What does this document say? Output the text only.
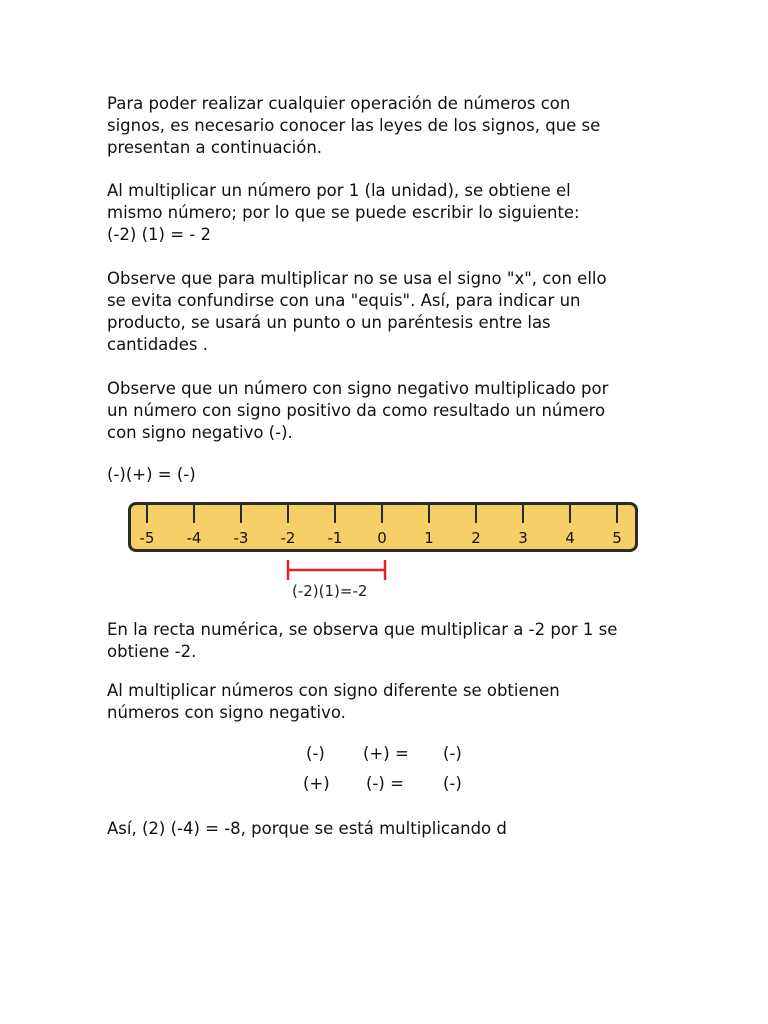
Para poder realizar cualquier operación de números con
signos, es necesario conocer las leyes de los signos, que se
presentan a continuación.
Al multiplicar un número por 1 (la unidad), se obtiene el
mismo número; por lo que se puede escribir lo siguiente:
(-2) (1) = - 2
Observe que para multiplicar no se usa el signo "x", con ello
se evita confundirse con una "equis". Así, para indicar un
producto, se usará un punto o un paréntesis entre las
cantidades .
Observe que un número con signo negativo multiplicado por
un número con signo positivo da como resultado un número
con signo negativo (-).
(-)(+) = (-)
-5 -4 -3 -2 -1 0 1 2 3 4 5
(-2)(1)=-2
En la recta numérica, se observa que multiplicar a -2 por 1 se
obtiene -2.
Al multiplicar números con signo diferente se obtienen
números con signo negativo.
(-) (+) = (-)
(+) (-) = (-)
Así, (2) (-4) = -8, porque se está multiplicando d
